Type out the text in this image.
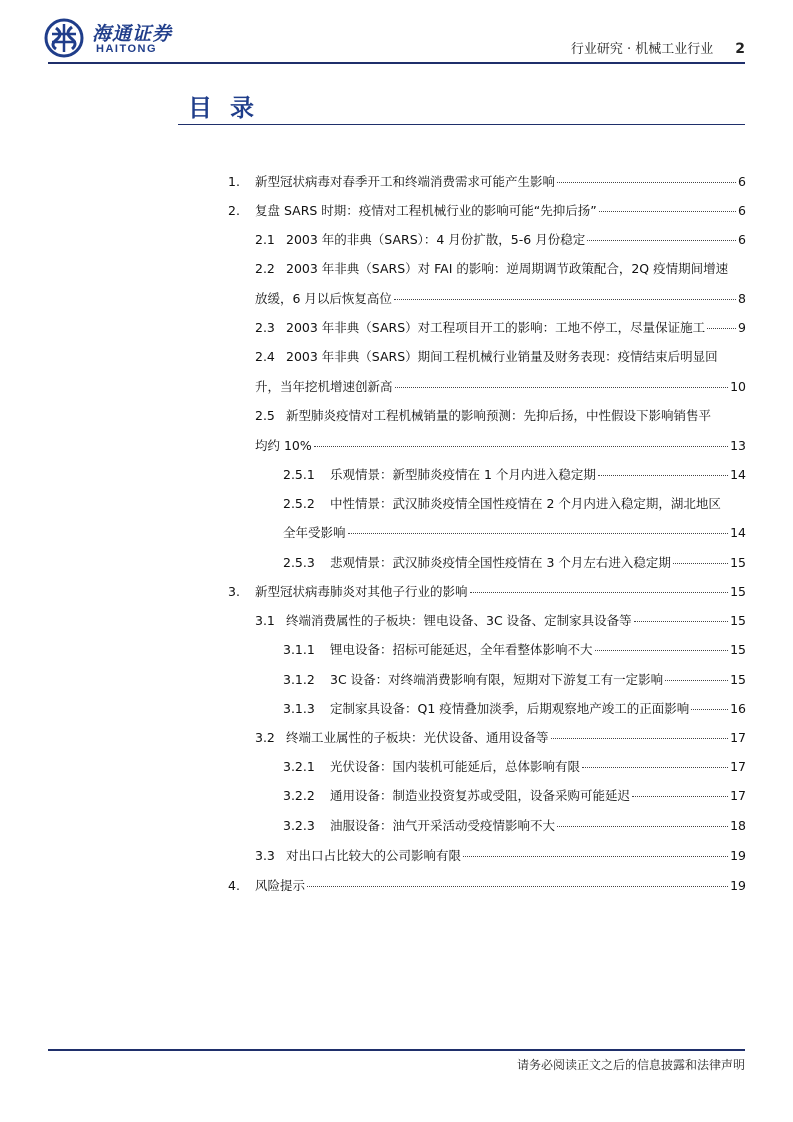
海通证券
HAITONG	行业研究 · 机械工业行业 2
目录
1.	新型冠状病毒对春季开工和终端消费需求可能产生影响	6
2.	复盘 SARS 时期：疫情对工程机械行业的影响可能“先抑后扬”	6
2.1 2003 年的非典（SARS）：4 月份扩散，5-6 月份稳定	6
2.2 2003 年非典（SARS）对 FAI 的影响：逆周期调节政策配合，2Q 疫情期间增速
放缓，6 月以后恢复高位	8
2.3 2003 年非典（SARS）对工程项目开工的影响：工地不停工，尽量保证施工	9
2.4 2003 年非典（SARS）期间工程机械行业销量及财务表现：疫情结束后明显回
升，当年挖机增速创新高	10
2.5 新型肺炎疫情对工程机械销量的影响预测：先抑后扬，中性假设下影响销售平
均约 10%	13
2.5.1	乐观情景：新型肺炎疫情在 1 个月内进入稳定期	14
2.5.2	中性情景：武汉肺炎疫情全国性疫情在 2 个月内进入稳定期，湖北地区
全年受影响	14
2.5.3	悲观情景：武汉肺炎疫情全国性疫情在 3 个月左右进入稳定期	15
3.	新型冠状病毒肺炎对其他子行业的影响	15
3.1 终端消费属性的子板块：锂电设备、3C 设备、定制家具设备等	15
3.1.1	锂电设备：招标可能延迟，全年看整体影响不大	15
3.1.2	3C 设备：对终端消费影响有限，短期对下游复工有一定影响	15
3.1.3	定制家具设备：Q1 疫情叠加淡季，后期观察地产竣工的正面影响	16
3.2 终端工业属性的子板块：光伏设备、通用设备等	17
3.2.1	光伏设备：国内装机可能延后，总体影响有限	17
3.2.2	通用设备：制造业投资复苏或受阻，设备采购可能延迟	17
3.2.3	油服设备：油气开采活动受疫情影响不大	18
3.3 对出口占比较大的公司影响有限	19
4.	风险提示	19
请务必阅读正文之后的信息披露和法律声明
